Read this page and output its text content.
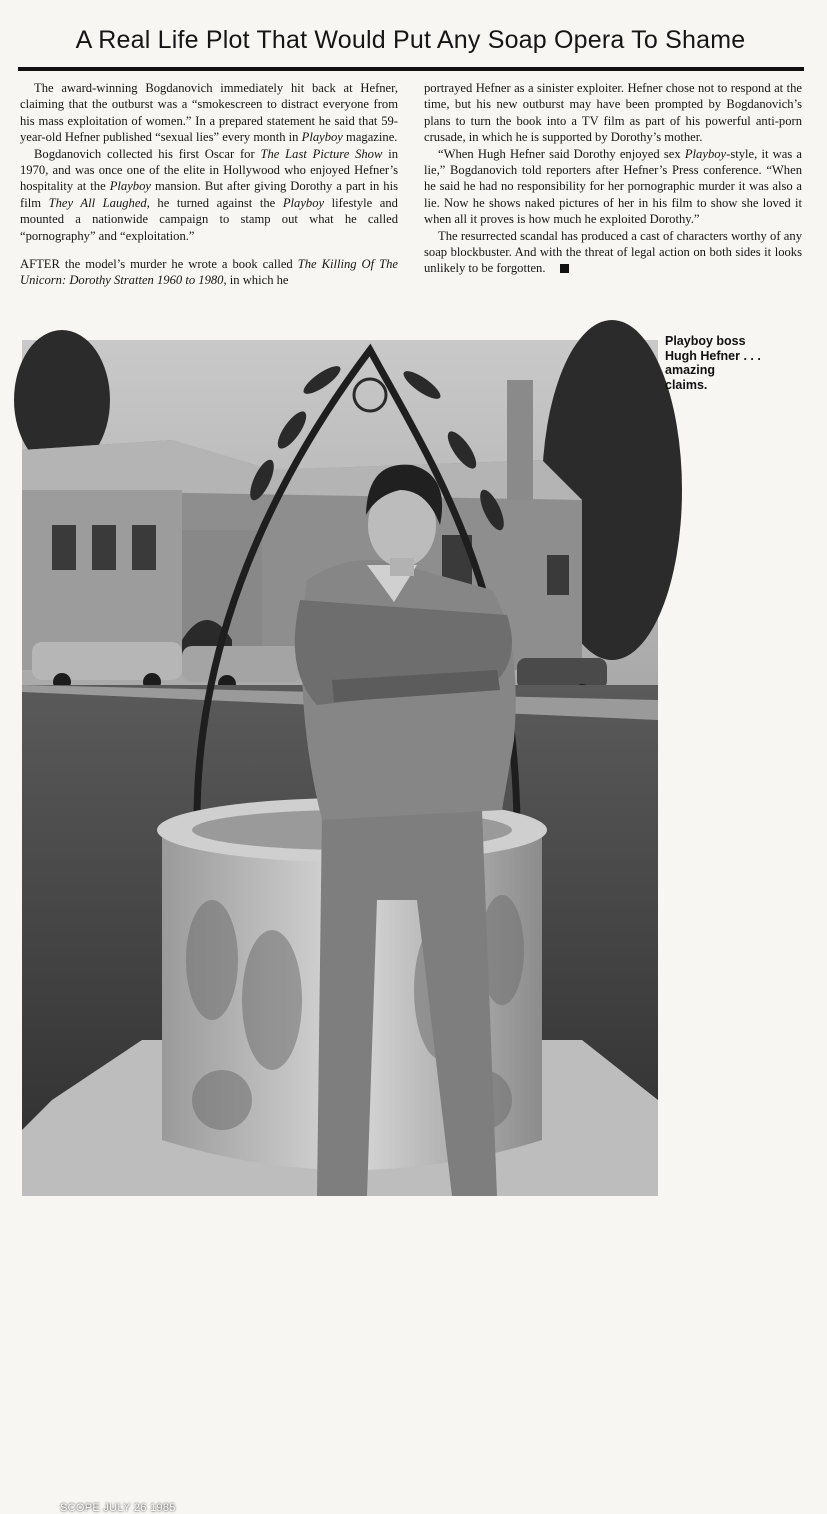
A Real Life Plot That Would Put Any Soap Opera To Shame

The award-winning Bogdanovich immediately hit back at Hefner, claiming that the outburst was a “smokescreen to distract everyone from his mass exploitation of women.” In a prepared statement he said that 59-year-old Hefner published “sexual lies” every month in Playboy magazine.

Bogdanovich collected his first Oscar for The Last Picture Show in 1970, and was once one of the elite in Hollywood who enjoyed Hefner’s hospitality at the Playboy mansion. But after giving Dorothy a part in his film They All Laughed, he turned against the Playboy lifestyle and mounted a nationwide campaign to stamp out what he called “pornography” and “exploitation.”

AFTER the model’s murder he wrote a book called The Killing Of The Unicorn: Dorothy Stratten 1960 to 1980, in which he

portrayed Hefner as a sinister exploiter. Hefner chose not to respond at the time, but his new outburst may have been prompted by Bogdanovich’s plans to turn the book into a TV film as part of his powerful anti-porn crusade, in which he is supported by Dorothy’s mother.

“When Hugh Hefner said Dorothy enjoyed sex Playboy-style, it was a lie,” Bogdanovich told reporters after Hefner’s Press conference. “When he said he had no responsibility for her pornographic murder it was also a lie. Now he shows naked pictures of her in his film to show she loved it when all it proves is how much he exploited Dorothy.”

The resurrected scandal has produced a cast of characters worthy of any soap blockbuster. And with the threat of legal action on both sides it looks unlikely to be forgotten.

SCOPE JULY 26 1985
Playboy boss
Hugh Hefner . . .
amazing
claims.
